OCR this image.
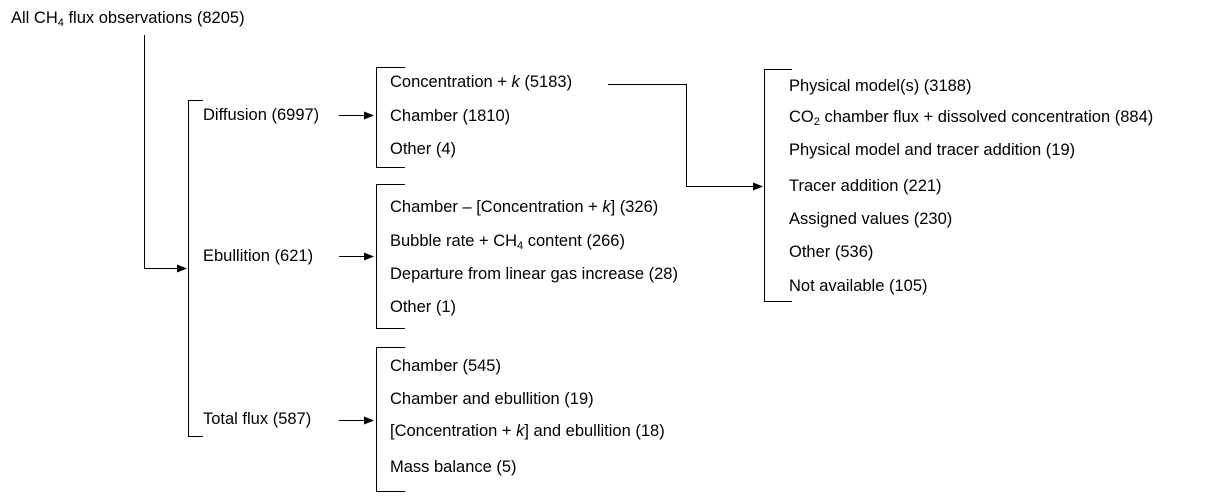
All $CH_4$ flux observations (8205)
Diffusion (6997)
Ebullition (621)
Total flux (587)
Concentration + k (5183)
Chamber (1810)
Other (4)
Chamber – [Concentration + k] (326)
Bubble rate + $CH_4$ content (266)
Departure from linear gas increase (28)
Other (1)
Chamber (545)
Chamber and ebullition (19)
[Concentration + k] and ebullition (18)
Mass balance (5)
Physical model(s) (3188)
$CO_2$ chamber flux + dissolved concentration (884)
Physical model and tracer addition (19)
Tracer addition (221)
Assigned values (230)
Other (536)
Not available (105)
